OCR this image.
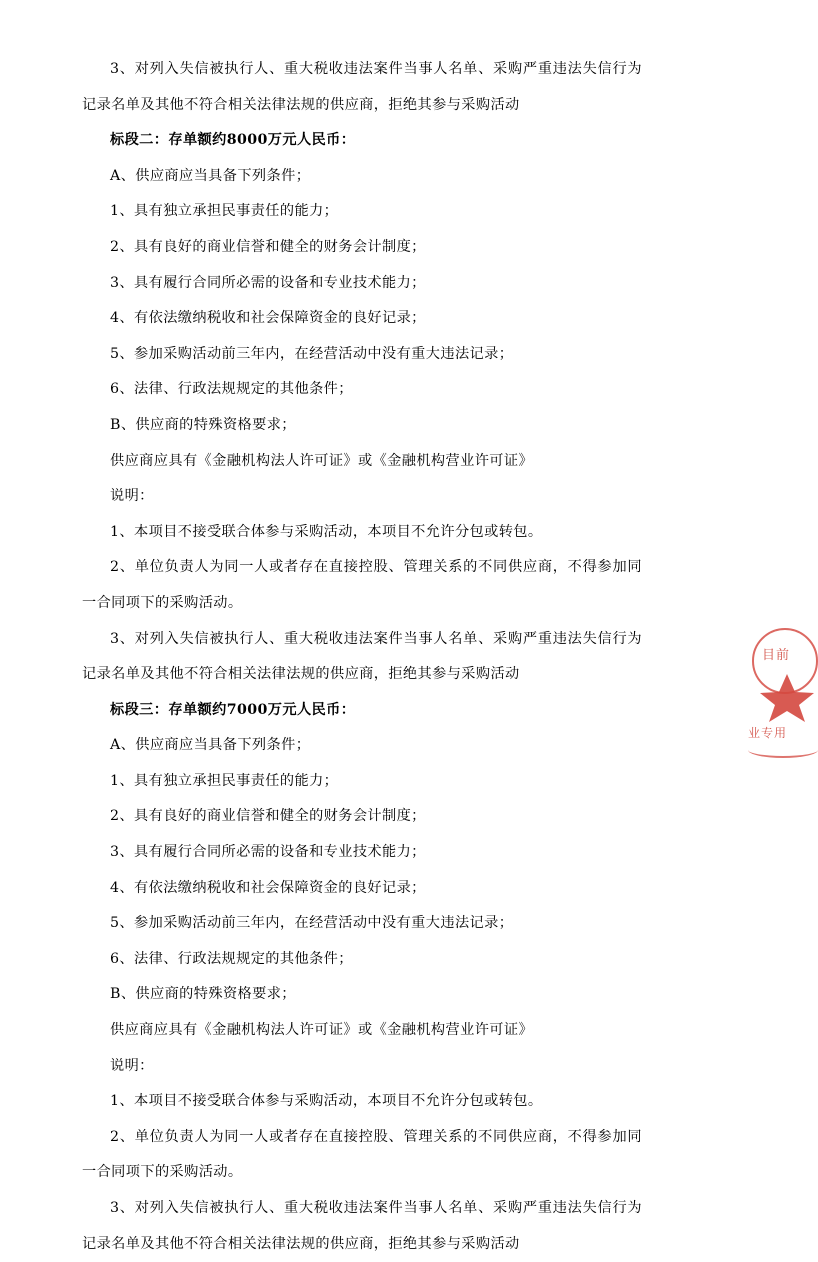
3、对列入失信被执行人、重大税收违法案件当事人名单、采购严重违法失信行为记录名单及其他不符合相关法律法规的供应商，拒绝其参与采购活动

标段二：存单额约8000万元人民币：

A、供应商应当具备下列条件；

1、具有独立承担民事责任的能力；

2、具有良好的商业信誉和健全的财务会计制度；

3、具有履行合同所必需的设备和专业技术能力；

4、有依法缴纳税收和社会保障资金的良好记录；

5、参加采购活动前三年内，在经营活动中没有重大违法记录；

6、法律、行政法规规定的其他条件；

B、供应商的特殊资格要求；

供应商应具有《金融机构法人许可证》或《金融机构营业许可证》

说明：

1、本项目不接受联合体参与采购活动，本项目不允许分包或转包。

2、单位负责人为同一人或者存在直接控股、管理关系的不同供应商，不得参加同一合同项下的采购活动。

3、对列入失信被执行人、重大税收违法案件当事人名单、采购严重违法失信行为记录名单及其他不符合相关法律法规的供应商，拒绝其参与采购活动

标段三：存单额约7000万元人民币：

A、供应商应当具备下列条件；

1、具有独立承担民事责任的能力；

2、具有良好的商业信誉和健全的财务会计制度；

3、具有履行合同所必需的设备和专业技术能力；

4、有依法缴纳税收和社会保障资金的良好记录；

5、参加采购活动前三年内，在经营活动中没有重大违法记录；

6、法律、行政法规规定的其他条件；

B、供应商的特殊资格要求；

供应商应具有《金融机构法人许可证》或《金融机构营业许可证》

说明：

1、本项目不接受联合体参与采购活动，本项目不允许分包或转包。

2、单位负责人为同一人或者存在直接控股、管理关系的不同供应商，不得参加同一合同项下的采购活动。

3、对列入失信被执行人、重大税收违法案件当事人名单、采购严重违法失信行为记录名单及其他不符合相关法律法规的供应商，拒绝其参与采购活动

目前
业专用
